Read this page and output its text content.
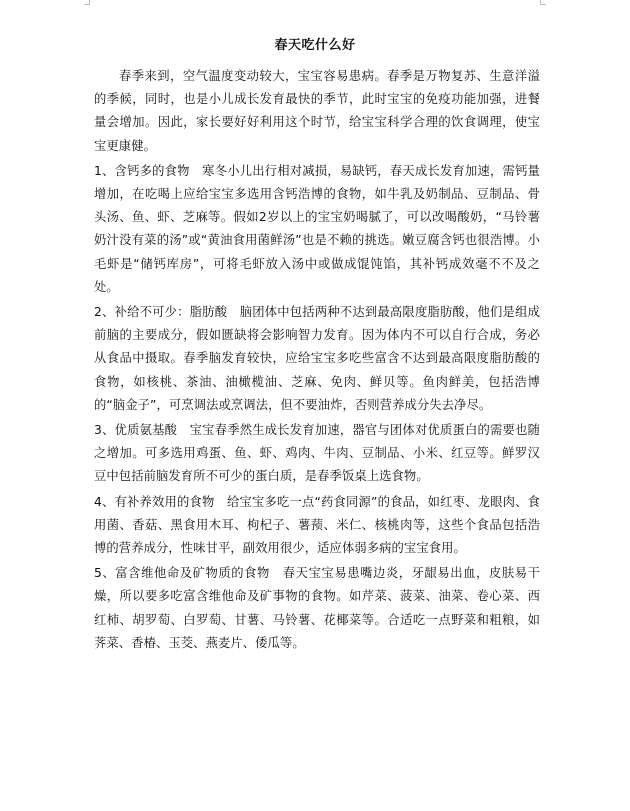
春天吃什么好

春季来到，空气温度变动较大，宝宝容易患病。春季是万物复苏、生意洋溢的季候，同时，也是小儿成长发育最快的季节，此时宝宝的免疫功能加强，进餐量会增加。因此，家长要好好利用这个时节，给宝宝科学合理的饮食调理，使宝宝更康健。

1、含钙多的食物　寒冬小儿出行相对减损，易缺钙，春天成长发育加速，需钙量增加，在吃喝上应给宝宝多选用含钙浩博的食物，如牛乳及奶制品、豆制品、骨头汤、鱼、虾、芝麻等。假如2岁以上的宝宝奶喝腻了，可以改喝酸奶，“马铃薯奶汁没有菜的汤”或“黄油食用菌鲜汤”也是不赖的挑选。嫩豆腐含钙也很浩博。小毛虾是“储钙库房”，可将毛虾放入汤中或做成馄饨馅，其补钙成效毫不不及之处。

2、补给不可少：脂肪酸　脑团体中包括两种不达到最高限度脂肪酸，他们是组成前脑的主要成分，假如匮缺将会影响智力发育。因为体内不可以自行合成，务必从食品中摄取。春季脑发育较快，应给宝宝多吃些富含不达到最高限度脂肪酸的食物，如核桃、茶油、油橄榄油、芝麻、免肉、鲜贝等。鱼肉鲜美，包括浩博的“脑金子”，可烹调法或烹调法，但不要油炸，否则营养成分失去净尽。

3、优质氨基酸　宝宝春季然生成长发育加速，器官与团体对优质蛋白的需要也随之增加。可多选用鸡蛋、鱼、虾、鸡肉、牛肉、豆制品、小米、红豆等。鲜罗汉豆中包括前脑发育所不可少的蛋白质，是春季饭桌上选食物。

4、有补养效用的食物　给宝宝多吃一点“药食同源”的食品，如红枣、龙眼肉、食用菌、香菇、黑食用木耳、枸杞子、薯蓣、米仁、核桃肉等，这些个食品包括浩博的营养成分，性味甘平，副效用很少，适应体弱多病的宝宝食用。

5、富含维他命及矿物质的食物　春天宝宝易患嘴边炎，牙龈易出血，皮肤易干燥，所以要多吃富含维他命及矿事物的食物。如芹菜、菠菜、油菜、卷心菜、西红柿、胡罗萄、白罗萄、甘薯、马铃薯、花椰菜等。合适吃一点野菜和粗粮，如荠菜、香椿、玉茭、燕麦片、倭瓜等。
